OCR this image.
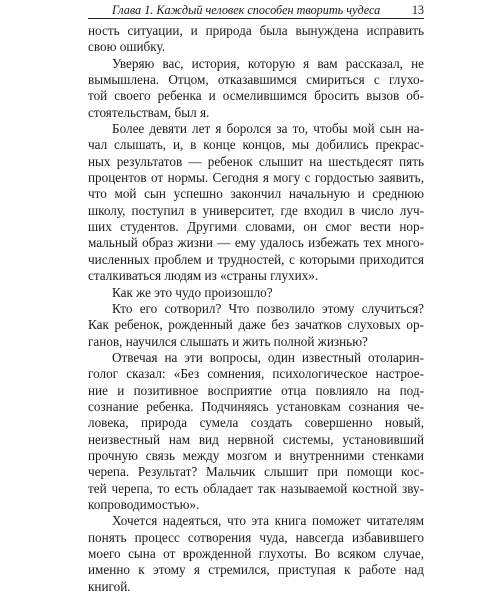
Глава 1. Каждый человек способен творить чудеса	13
ность ситуации, и природа была вынуждена исправить
свою ошибку.
Уверяю вас, история, которую я вам рассказал, не
вымышлена. Отцом, отказавшимся смириться с глухо-
той своего ребенка и осмелившимся бросить вызов об-
стоятельствам, был я.
Более девяти лет я боролся за то, чтобы мой сын на-
чал слышать, и, в конце концов, мы добились прекрас-
ных результатов — ребенок слышит на шестьдесят пять
процентов от нормы. Сегодня я могу с гордостью заявить,
что мой сын успешно закончил начальную и среднюю
школу, поступил в университет, где входил в число луч-
ших студентов. Другими словами, он смог вести нор-
мальный образ жизни — ему удалось избежать тех много-
численных проблем и трудностей, с которыми приходится
сталкиваться людям из «страны глухих».
Как же это чудо произошло?
Кто его сотворил? Что позволило этому случиться?
Как ребенок, рожденный даже без зачатков слуховых ор-
ганов, научился слышать и жить полной жизнью?
Отвечая на эти вопросы, один известный отоларин-
голог сказал: «Без сомнения, психологическое настрое-
ние и позитивное восприятие отца повлияло на под-
сознание ребенка. Подчиняясь установкам сознания че-
ловека, природа сумела создать совершенно новый,
неизвестный нам вид нервной системы, установивший
прочную связь между мозгом и внутренними стенками
черепа. Результат? Мальчик слышит при помощи кос-
тей черепа, то есть обладает так называемой костной зву-
копроводимостью».
Хочется надеяться, что эта книга поможет читателям
понять процесс сотворения чуда, навсегда избавившего
моего сына от врожденной глухоты. Во всяком случае,
именно к этому я стремился, приступая к работе над
книгой.
